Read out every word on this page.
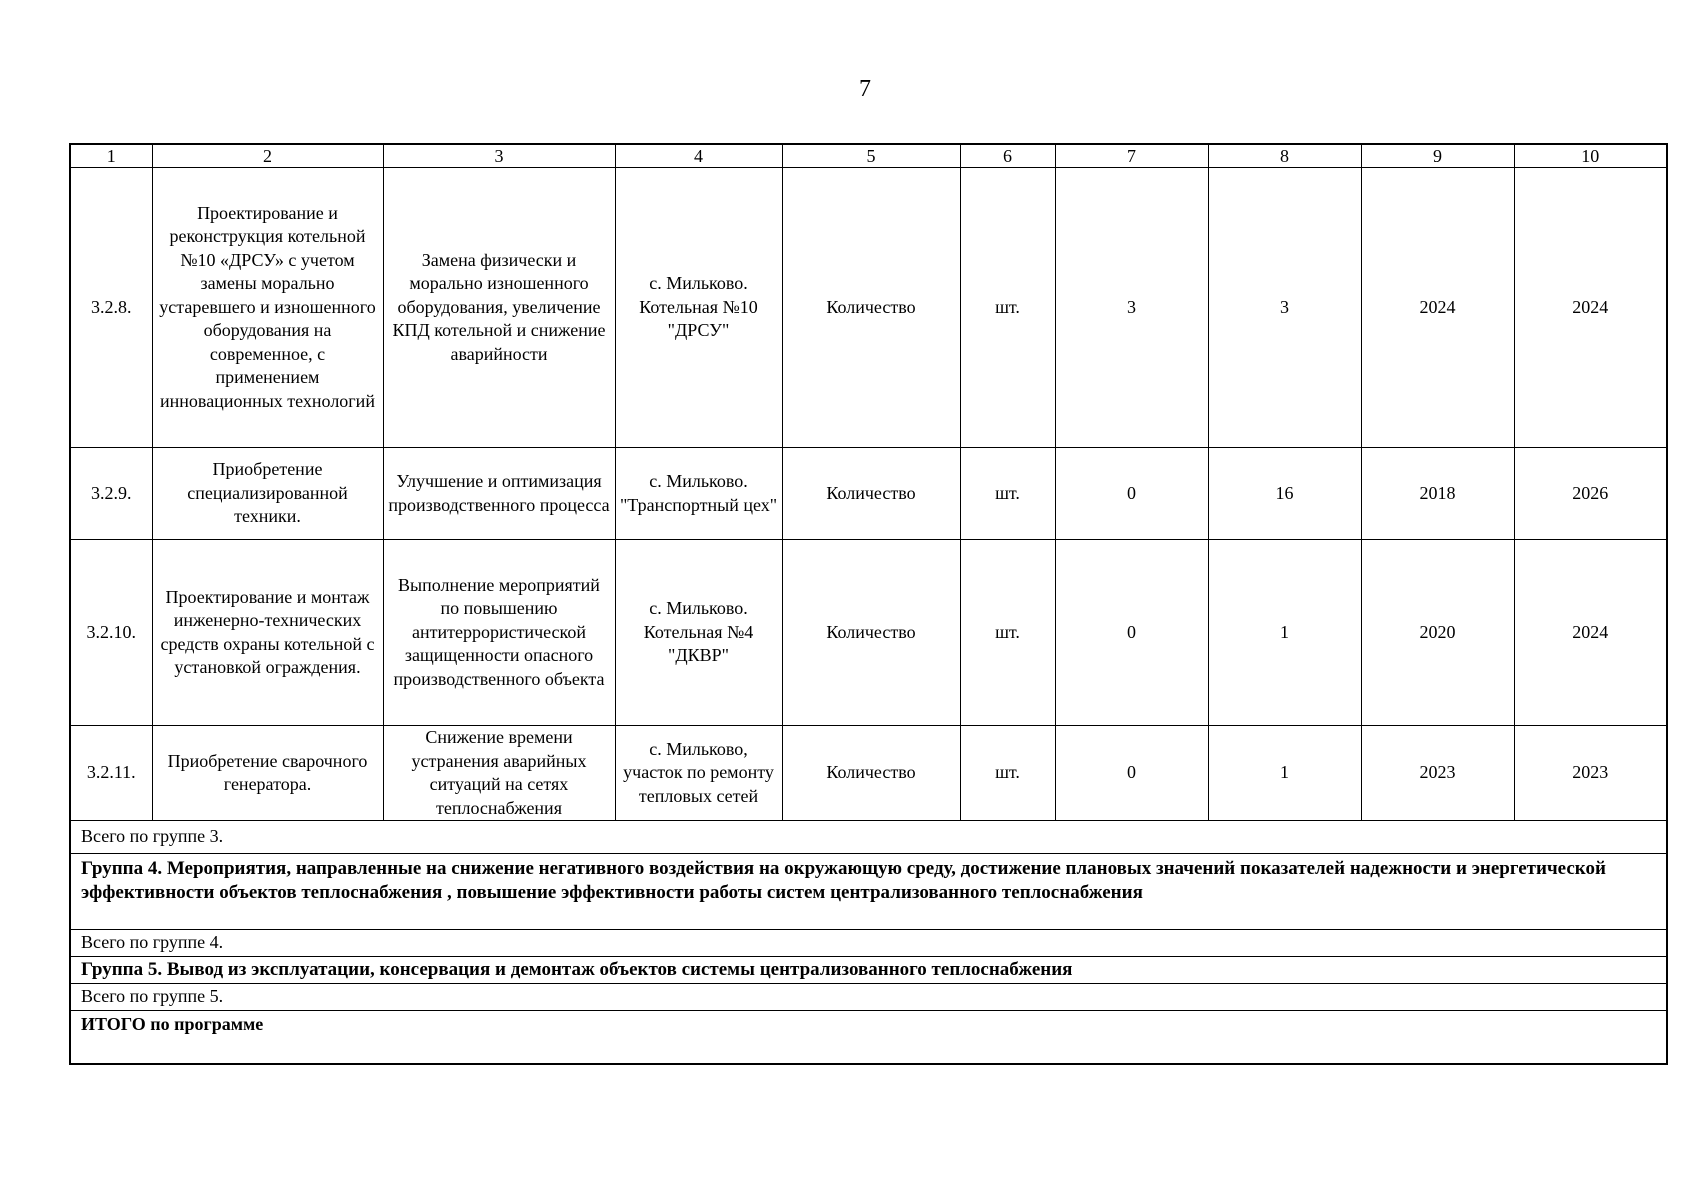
7
1	2	3	4	5	6	7	8	9	10
3.2.8.	Проектирование и реконструкция котельной №10 «ДРСУ» с учетом замены морально устаревшего и изношенного оборудования на современное, с применением инновационных технологий	Замена физически и морально изношенного оборудования, увеличение КПД котельной и снижение аварийности	с. Мильково. Котельная №10 "ДРСУ"	Количество	шт.	3	3	2024	2024
3.2.9.	Приобретение специализированной техники.	Улучшение и оптимизация производственного процесса	с. Мильково. "Транспортный цех"	Количество	шт.	0	16	2018	2026
3.2.10.	Проектирование и монтаж инженерно-технических средств охраны котельной с установкой ограждения.	Выполнение мероприятий по повышению антитеррористической защищенности опасного производственного объекта	с. Мильково. Котельная №4 "ДКВР"	Количество	шт.	0	1	2020	2024
3.2.11.	Приобретение сварочного генератора.	Снижение времени устранения аварийных ситуаций на сетях теплоснабжения	с. Мильково, участок по ремонту тепловых сетей	Количество	шт.	0	1	2023	2023
Всего по группе 3.									
Группа 4. Мероприятия, направленные на снижение негативного воздействия на окружающую среду, достижение плановых значений показателей надежности и энергетической эффективности объектов теплоснабжения , повышение эффективности работы систем централизованного теплоснабжения									
Всего по группе 4.									
Группа 5. Вывод из эксплуатации, консервация и демонтаж объектов системы централизованного теплоснабжения									
Всего по группе 5.									
ИТОГО по программе									
